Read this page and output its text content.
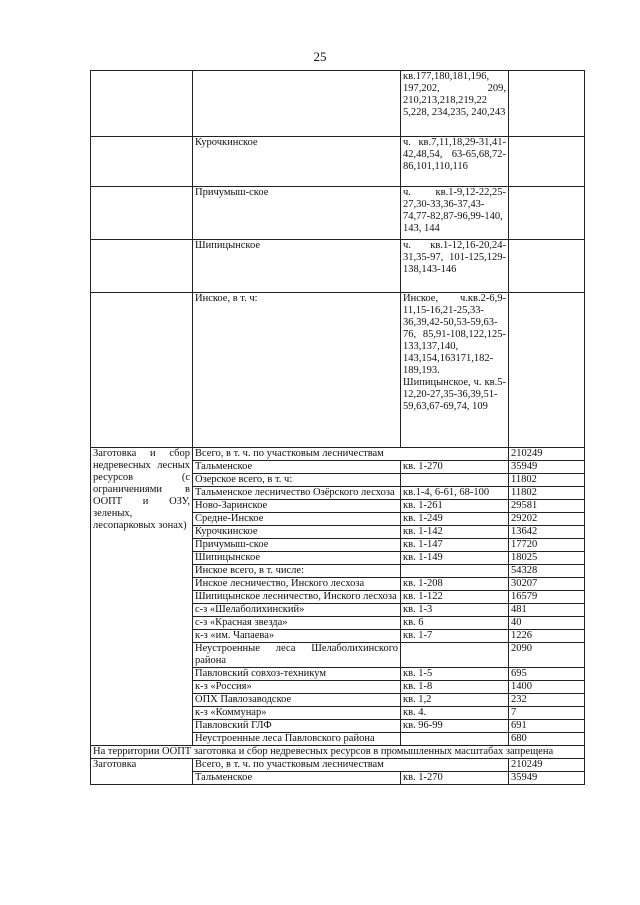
25
		кв.177,180,181,196, 197,202, 209, 210,213,218,219,22 5,228, 234,235, 240,243	
	Курочкинское	ч. кв.7,11,18,29-31,41-42,48,54, 63-65,68,72-86,101,110,116	
	Причумыш-ское	ч. кв.1-9,12-22,25-27,30-33,36-37,43-74,77-82,87-96,99-140, 143, 144	
	Шипицынское	ч. кв.1-12,16-20,24-31,35-97, 101-125,129-138,143-146	
	Инское, в т. ч:	Инское, ч.кв.2-6,9-11,15-16,21-25,33-36,39,42-50,53-59,63-76, 85,91-108,122,125-133,137,140, 143,154,163171,182-189,193. Шипицынское, ч. кв.5-12,20-27,35-36,39,51-59,63,67-69,74, 109	
Заготовка и сбор недревесных лесных ресурсов (с ограничениями в ООПТ и ОЗУ, зеленых, лесопарковых зонах)	Всего, в т. ч. по участковым лесничествам		210249
	Тальменское	кв. 1-270	35949
	Озерское всего, в т. ч:		11802
	Тальменское лесничество Озёрского лесхоза	кв.1-4, 6-61, 68-100	11802
	Ново-Заринское	кв. 1-261	29581
	Средне-Инское	кв. 1-249	29202
	Курочкинское	кв. 1-142	13642
	Причумыш-ское	кв. 1-147	17720
	Шипицынское	кв. 1-149	18025
	Инское всего, в т. числе:		54328
	Инское лесничество, Инского лесхоза	кв. 1-208	30207
	Шипицынское лесничество, Инского лесхоза	кв. 1-122	16579
	с-з «Шелаболихинский»	кв. 1-3	481
	с-з «Красная звезда»	кв. 6	40
	к-з «им. Чапаева»	кв. 1-7	1226
	Неустроенные леса Шелаболихинского района		2090
	Павловский совхоз-техникум	кв. 1-5	695
	к-з «Россия»	кв. 1-8	1400
	ОПХ Павлозаводское	кв. 1,2	232
	к-з «Коммунар»	кв. 4.	7
	Павловский ГЛФ	кв. 96-99	691
	Неустроенные леса Павловского района		680
На территории ООПТ заготовка и сбор недревесных ресурсов в промышленных масштабах запрещена			
Заготовка	Всего, в т. ч. по участковым лесничествам		210249
	Тальменское	кв. 1-270	35949
